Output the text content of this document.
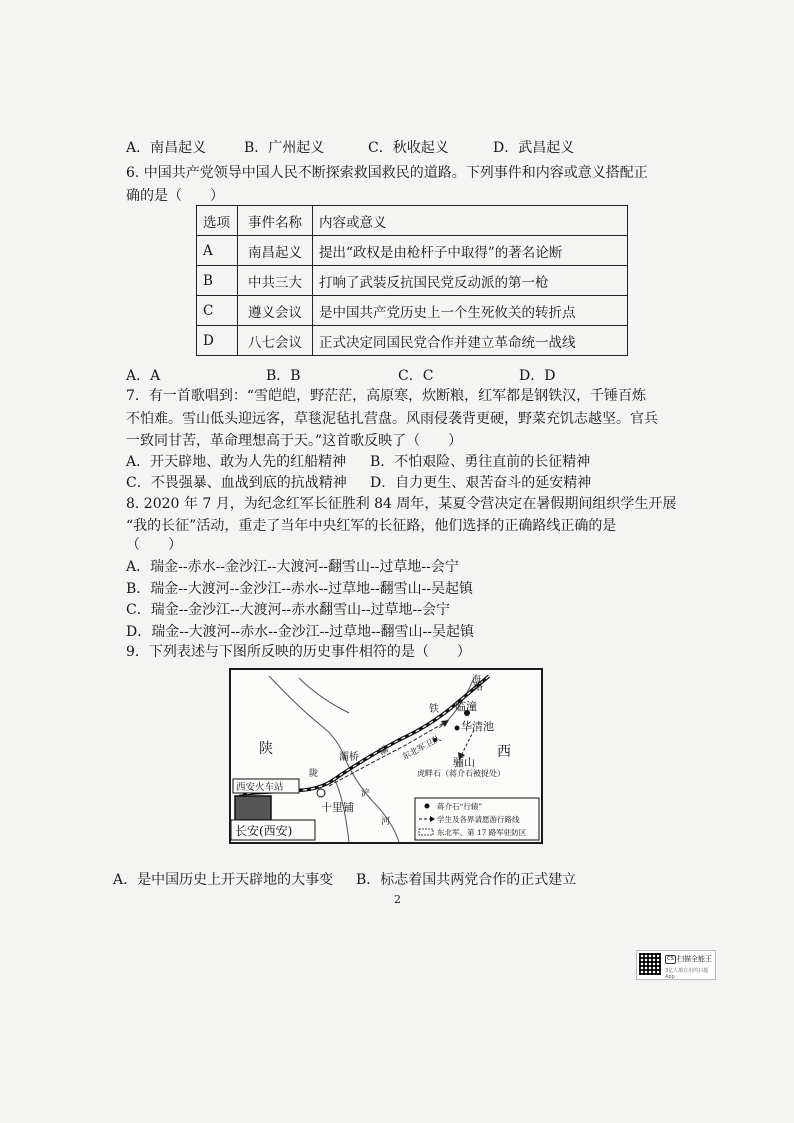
A．南昌起义	B．广州起义	C．秋收起义	D．武昌起义
6. 中国共产党领导中国人民不断探索救国救民的道路。下列事件和内容或意义搭配正
确的是（　　）
选项	事件名称	内容或意义
A	南昌起义	提出“政权是由枪杆子中取得”的著名论断
B	中共三大	打响了武装反抗国民党反动派的第一枪
C	遵义会议	是中国共产党历史上一个生死攸关的转折点
D	八七会议	正式决定同国民党合作并建立革命统一战线
A．A	B．B	C．C	D．D
7．有一首歌唱到：“雪皑皑，野茫茫，高原寒，炊断粮，红军都是钢铁汉，千锤百炼
不怕难。雪山低头迎远客，草毯泥毡扎营盘。风雨侵袭背更硬，野菜充饥志越坚。官兵
一致同甘苦，革命理想高于天。”这首歌反映了（　　）
A．开天辟地、敢为人先的红船精神 B．不怕艰险、勇往直前的长征精神
C．不畏强暴、血战到底的抗战精神 D．自力更生、艰苦奋斗的延安精神
8. 2020 年 7 月，为纪念红军长征胜利 84 周年，某夏令营决定在暑假期间组织学生开展
“我的长征”活动，重走了当年中央红军的长征路，他们选择的正确路线正确的是
（　　）
A．瑞金--赤水--金沙江--大渡河--翻雪山--过草地--会宁
B．瑞金--大渡河--金沙江--赤水--过草地--翻雪山--吴起镇
C．瑞金--金沙江--大渡河--赤水翻雪山--过草地--会宁
D．瑞金--大渡河--赤水--金沙江--过草地--翻雪山--吴起镇
9．下列表述与下图所反映的历史事件相符的是（　　）
陕	西
铁
路
临潼
华清池
骊山
灞桥	东北军卫队
虎畔石（蒋介石被捉处）
灞
陇
浐
河
海
西安火车站
十里铺
长安(西安)
蒋介石“行辕”
学生及各界请愿游行路线
东北军、第 17 路军驻防区
A．是中国历史上开天辟地的大事变 B．标志着国共两党合作的正式建立
2
CS 扫描全能王
3亿人都在用的扫描App
